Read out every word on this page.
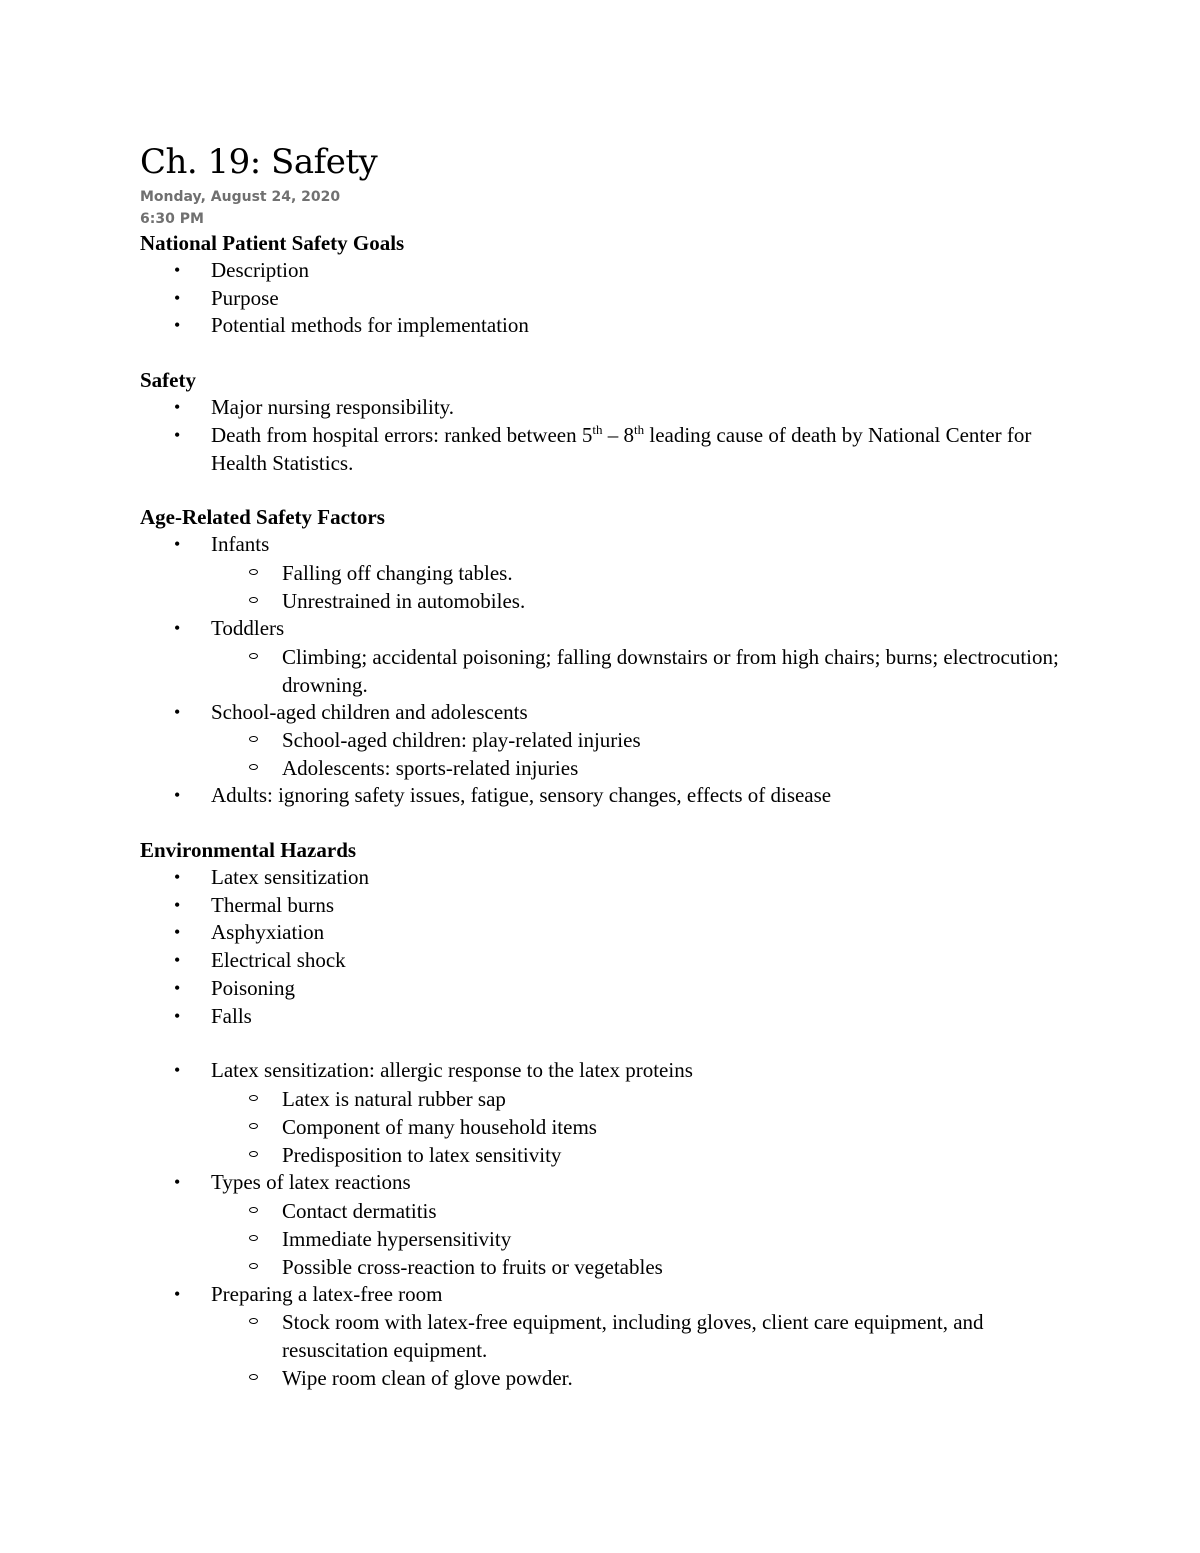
Ch. 19: Safety
Monday, August 24, 2020
6:30 PM
National Patient Safety Goals
• Description
• Purpose
• Potential methods for implementation
Safety
• Major nursing responsibility.
• Death from hospital errors: ranked between 5th – 8th leading cause of death by National Center for Health Statistics.
Age-Related Safety Factors
• Infants
Falling off changing tables.
Unrestrained in automobiles.
• Toddlers
Climbing; accidental poisoning; falling downstairs or from high chairs; burns; electrocution; drowning.
• School-aged children and adolescents
School-aged children: play-related injuries
Adolescents: sports-related injuries
• Adults: ignoring safety issues, fatigue, sensory changes, effects of disease
Environmental Hazards
• Latex sensitization
• Thermal burns
• Asphyxiation
• Electrical shock
• Poisoning
• Falls
• Latex sensitization: allergic response to the latex proteins
Latex is natural rubber sap
Component of many household items
Predisposition to latex sensitivity
• Types of latex reactions
Contact dermatitis
Immediate hypersensitivity
Possible cross-reaction to fruits or vegetables
• Preparing a latex-free room
Stock room with latex-free equipment, including gloves, client care equipment, and resuscitation equipment.
Wipe room clean of glove powder.
